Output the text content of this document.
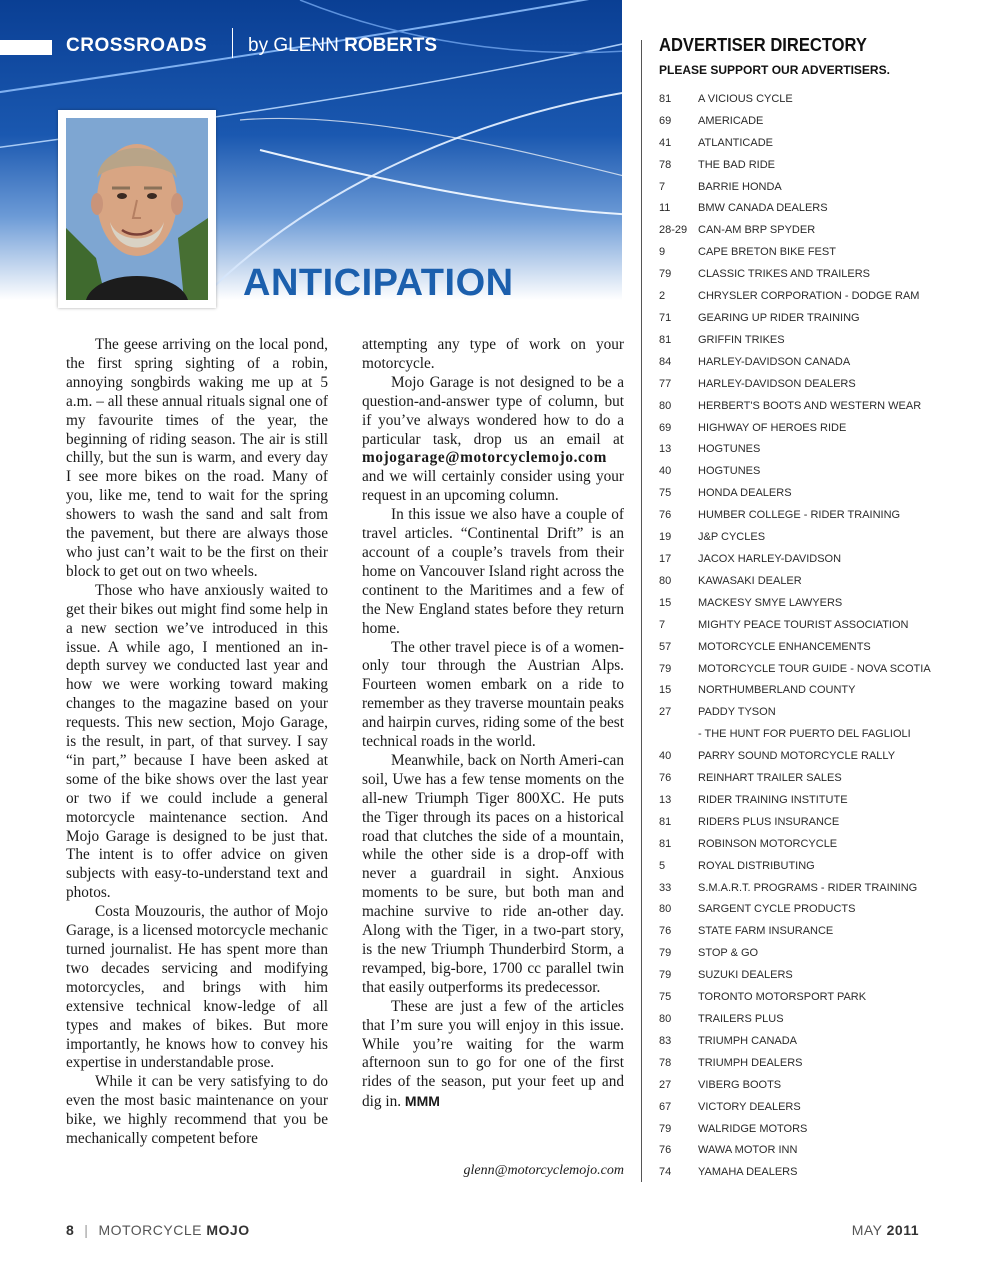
CROSSROADS by GLENN ROBERTS
ANTICIPATION

The geese arriving on the local pond, the first spring sighting of a robin, annoying songbirds waking me up at 5 a.m. – all these annual rituals signal one of my favourite times of the year, the beginning of riding season. The air is still chilly, but the sun is warm, and every day I see more bikes on the road. Many of you, like me, tend to wait for the spring showers to wash the sand and salt from the pavement, but there are always those who just can’t wait to be the first on their block to get out on two wheels.

Those who have anxiously waited to get their bikes out might find some help in a new section we’ve introduced in this issue. A while ago, I mentioned an in-depth survey we conducted last year and how we were working toward making changes to the magazine based on your requests. This new section, Mojo Garage, is the result, in part, of that survey. I say “in part,” because I have been asked at some of the bike shows over the last year or two if we could include a general motorcycle maintenance section. And Mojo Garage is designed to be just that. The intent is to offer advice on given subjects with easy-to-understand text and photos.

Costa Mouzouris, the author of Mojo Garage, is a licensed motorcycle mechanic turned journalist. He has spent more than two decades servicing and modifying motorcycles, and brings with him extensive technical know-ledge of all types and makes of bikes. But more importantly, he knows how to convey his expertise in understandable prose.

While it can be very satisfying to do even the most basic maintenance on your bike, we highly recommend that you be mechanically competent before

attempting any type of work on your motorcycle.

Mojo Garage is not designed to be a question-and-answer type of column, but if you’ve always wondered how to do a particular task, drop us an email at mojogarage@motorcyclemojo.com and we will certainly consider using your request in an upcoming column.

In this issue we also have a couple of travel articles. “Continental Drift” is an account of a couple’s travels from their home on Vancouver Island right across the continent to the Maritimes and a few of the New England states before they return home.

The other travel piece is of a women-only tour through the Austrian Alps. Fourteen women embark on a ride to remember as they traverse mountain peaks and hairpin curves, riding some of the best technical roads in the world.

Meanwhile, back on North Ameri-can soil, Uwe has a few tense moments on the all-new Triumph Tiger 800XC. He puts the Tiger through its paces on a historical road that clutches the side of a mountain, while the other side is a drop-off with never a guardrail in sight. Anxious moments to be sure, but both man and machine survive to ride an-other day. Along with the Tiger, in a two-part story, is the new Triumph Thunderbird Storm, a revamped, big-bore, 1700 cc parallel twin that easily outperforms its predecessor.

These are just a few of the articles that I’m sure you will enjoy in this issue. While you’re waiting for the warm afternoon sun to go for one of the first rides of the season, put your feet up and dig in. MMM

glenn@motorcyclemojo.com
ADVERTISER DIRECTORY
PLEASE SUPPORT OUR ADVERTISERS.
81	A VICIOUS CYCLE
69	AMERICADE
41	ATLANTICADE
78	THE BAD RIDE
7	BARRIE HONDA
11	BMW CANADA DEALERS
28-29 CAN-AM BRP SPYDER
9	CAPE BRETON BIKE FEST
79	CLASSIC TRIKES AND TRAILERS
2	CHRYSLER CORPORATION - DODGE RAM
71	GEARING UP RIDER TRAINING
81	GRIFFIN TRIKES
84	HARLEY-DAVIDSON CANADA
77	HARLEY-DAVIDSON DEALERS
80	HERBERT'S BOOTS AND WESTERN WEAR
69	HIGHWAY OF HEROES RIDE
13	HOGTUNES
40	HOGTUNES
75	HONDA DEALERS
76	HUMBER COLLEGE - RIDER TRAINING
19	J&P CYCLES
17	JACOX HARLEY-DAVIDSON
80	KAWASAKI DEALER
15	MACKESY SMYE LAWYERS
7	MIGHTY PEACE TOURIST ASSOCIATION
57	MOTORCYCLE ENHANCEMENTS
79	MOTORCYCLE TOUR GUIDE - NOVA SCOTIA
15	NORTHUMBERLAND COUNTY
27	PADDY TYSON
- THE HUNT FOR PUERTO DEL FAGLIOLI
40	PARRY SOUND MOTORCYCLE RALLY
76	REINHART TRAILER SALES
13	RIDER TRAINING INSTITUTE
81	RIDERS PLUS INSURANCE
81	ROBINSON MOTORCYCLE
5	ROYAL DISTRIBUTING
33	S.M.A.R.T. PROGRAMS - RIDER TRAINING
80	SARGENT CYCLE PRODUCTS
76	STATE FARM INSURANCE
79	STOP & GO
79	SUZUKI DEALERS
75	TORONTO MOTORSPORT PARK
80	TRAILERS PLUS
83	TRIUMPH CANADA
78	TRIUMPH DEALERS
27	VIBERG BOOTS
67	VICTORY DEALERS
79	WALRIDGE MOTORS
76	WAWA MOTOR INN
74	YAMAHA DEALERS
8 | MOTORCYCLE MOJO	MAY 2011
